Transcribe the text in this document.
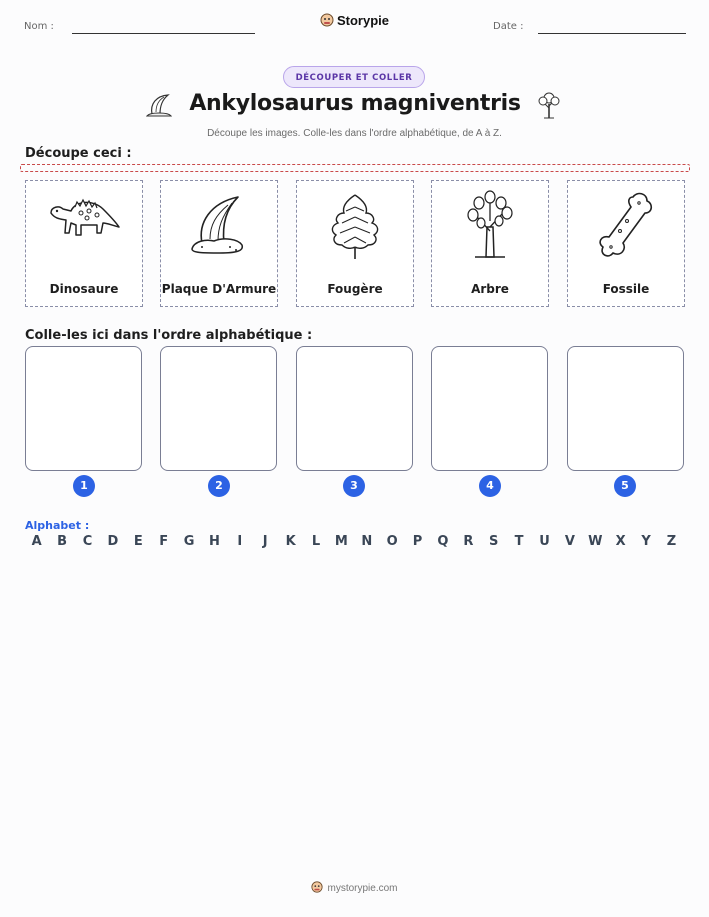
Nom :	Storypie	Date :
DÉCOUPER ET COLLER
Ankylosaurus magniventris
Découpe les images. Colle-les dans l'ordre alphabétique, de A à Z.
Découpe ceci :
Dinosaure	Plaque D'Armure	Fougère	Arbre	Fossile
Colle-les ici dans l'ordre alphabétique :
1	2	3	4	5
Alphabet :
A	B	C	D	E	F	G	H	I	J	K	L	M	N	O	P	Q	R	S	T	U	V	W	X	Y	Z
mystorypie.com
